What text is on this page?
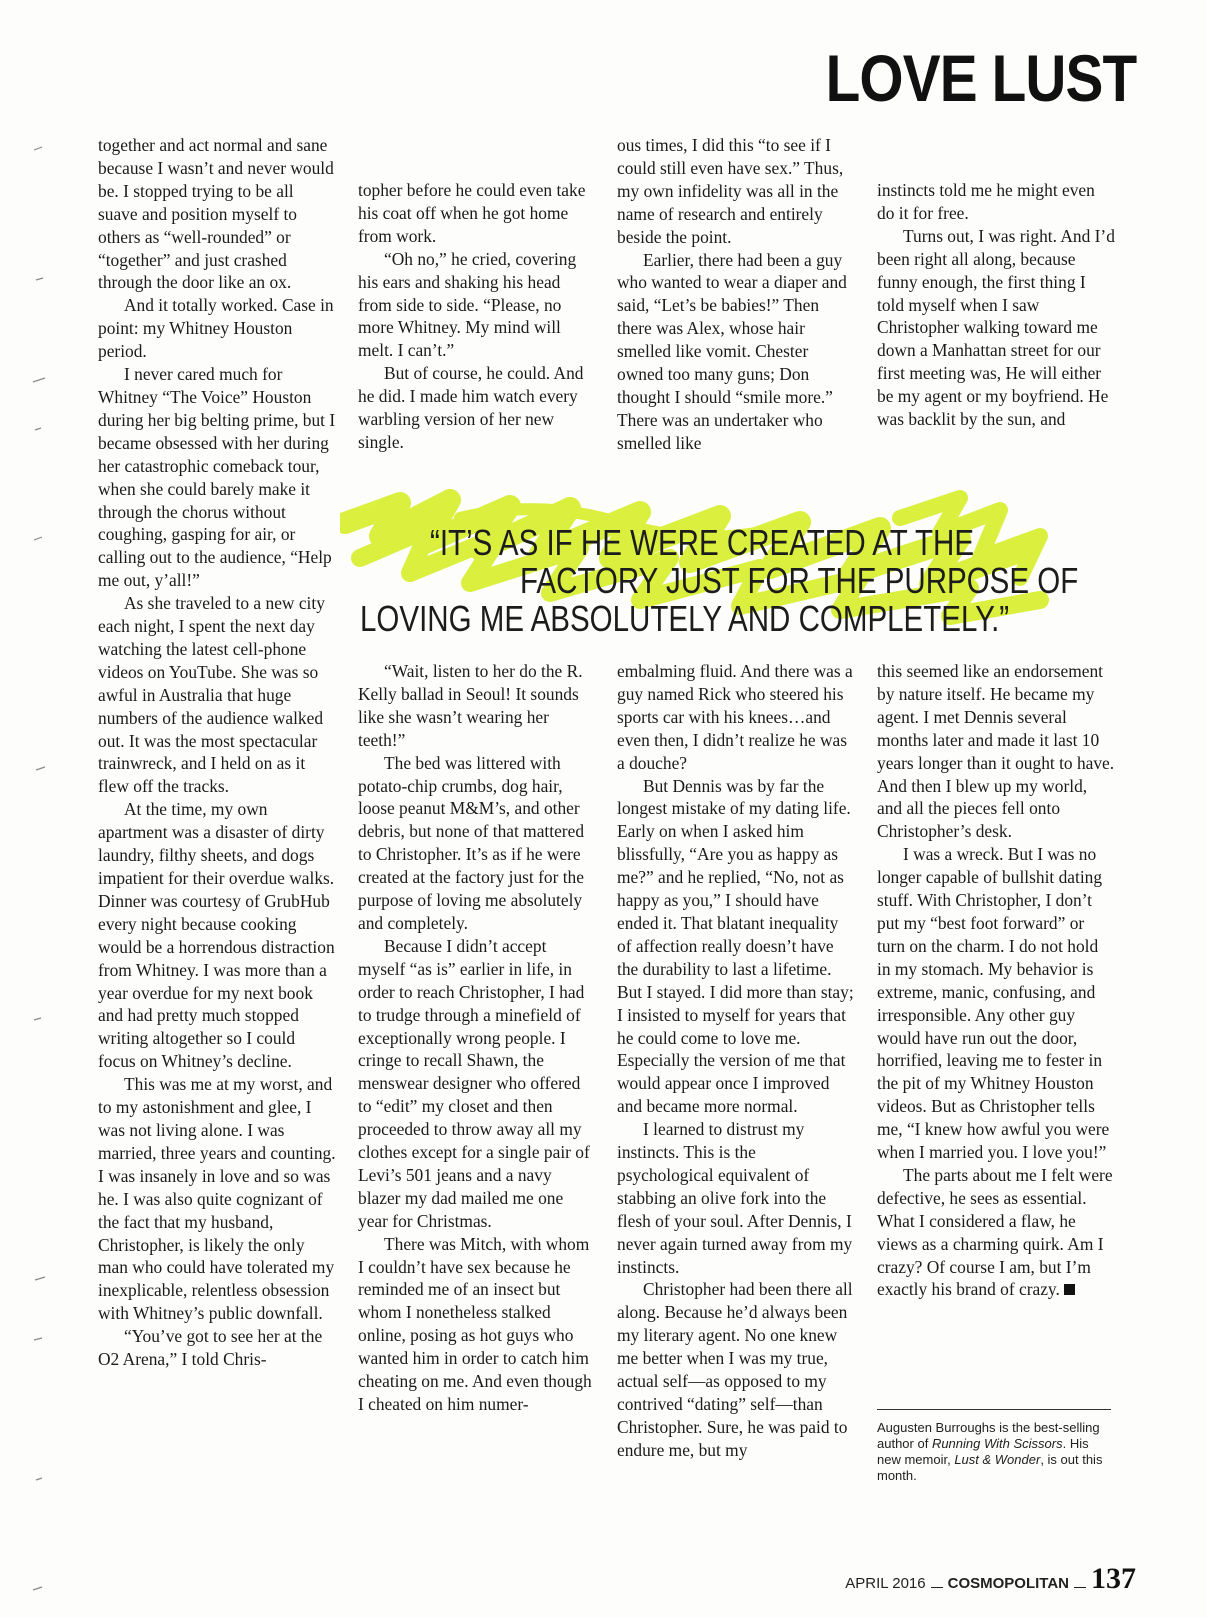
LOVE LUST

together and act normal and sane because I wasn’t and never would be. I stopped trying to be all suave and position myself to others as “well-rounded” or “together” and just crashed through the door like an ox.

And it totally worked. Case in point: my Whitney Houston period.

I never cared much for Whitney “The Voice” Houston during her big belting prime, but I became obsessed with her during her catastrophic comeback tour, when she could barely make it through the chorus without coughing, gasping for air, or calling out to the audience, “Help me out, y’all!”

As she traveled to a new city each night, I spent the next day watching the latest cell-phone videos on YouTube. She was so awful in Australia that huge numbers of the audience walked out. It was the most spectacular trainwreck, and I held on as it flew off the tracks.

At the time, my own apartment was a disaster of dirty laundry, filthy sheets, and dogs impatient for their overdue walks. Dinner was courtesy of GrubHub every night because cooking would be a horrendous distraction from Whitney. I was more than a year overdue for my next book and had pretty much stopped writing altogether so I could focus on Whitney’s decline.

This was me at my worst, and to my astonishment and glee, I was not living alone. I was married, three years and counting. I was insanely in love and so was he. I was also quite cognizant of the fact that my husband, Christopher, is likely the only man who could have tolerated my inexplicable, relentless obsession with Whitney’s public downfall.

“You’ve got to see her at the O2 Arena,” I told Chris-

topher before he could even take his coat off when he got home from work.

“Oh no,” he cried, covering his ears and shaking his head from side to side. “Please, no more Whitney. My mind will melt. I can’t.”

But of course, he could. And he did. I made him watch every warbling version of her new single.

ous times, I did this “to see if I could still even have sex.” Thus, my own infidelity was all in the name of research and entirely beside the point.

Earlier, there had been a guy who wanted to wear a diaper and said, “Let’s be babies!” Then there was Alex, whose hair smelled like vomit. Chester owned too many guns; Don thought I should “smile more.” There was an undertaker who smelled like

instincts told me he might even do it for free.

Turns out, I was right. And I’d been right all along, because funny enough, the first thing I told myself when I saw Christopher walking toward me down a Manhattan street for our first meeting was, He will either be my agent or my boyfriend. He was backlit by the sun, and

“IT’S AS IF HE WERE CREATED AT THE
FACTORY JUST FOR THE PURPOSE OF
LOVING ME ABSOLUTELY AND COMPLETELY.”

“Wait, listen to her do the R. Kelly ballad in Seoul! It sounds like she wasn’t wearing her teeth!”

The bed was littered with potato-chip crumbs, dog hair, loose peanut M&M’s, and other debris, but none of that mattered to Christopher. It’s as if he were created at the factory just for the purpose of loving me absolutely and completely.

Because I didn’t accept myself “as is” earlier in life, in order to reach Christopher, I had to trudge through a minefield of exceptionally wrong people. I cringe to recall Shawn, the menswear designer who offered to “edit” my closet and then proceeded to throw away all my clothes except for a single pair of Levi’s 501 jeans and a navy blazer my dad mailed me one year for Christmas.

There was Mitch, with whom I couldn’t have sex because he reminded me of an insect but whom I nonetheless stalked online, posing as hot guys who wanted him in order to catch him cheating on me. And even though I cheated on him numer-

embalming fluid. And there was a guy named Rick who steered his sports car with his knees…and even then, I didn’t realize he was a douche?

But Dennis was by far the longest mistake of my dating life. Early on when I asked him blissfully, “Are you as happy as me?” and he replied, “No, not as happy as you,” I should have ended it. That blatant inequality of affection really doesn’t have the durability to last a lifetime. But I stayed. I did more than stay; I insisted to myself for years that he could come to love me. Especially the version of me that would appear once I improved and became more normal.

I learned to distrust my instincts. This is the psychological equivalent of stabbing an olive fork into the flesh of your soul. After Dennis, I never again turned away from my instincts.

Christopher had been there all along. Because he’d always been my literary agent. No one knew me better when I was my true, actual self—as opposed to my contrived “dating” self—than Christopher. Sure, he was paid to endure me, but my

this seemed like an endorsement by nature itself. He became my agent. I met Dennis several months later and made it last 10 years longer than it ought to have. And then I blew up my world, and all the pieces fell onto Christopher’s desk.

I was a wreck. But I was no longer capable of bullshit dating stuff. With Christopher, I don’t put my “best foot forward” or turn on the charm. I do not hold in my stomach. My behavior is extreme, manic, confusing, and irresponsible. Any other guy would have run out the door, horrified, leaving me to fester in the pit of my Whitney Houston videos. But as Christopher tells me, “I knew how awful you were when I married you. I love you!”

The parts about me I felt were defective, he sees as essential. What I considered a flaw, he views as a charming quirk. Am I crazy? Of course I am, but I’m exactly his brand of crazy.

Augusten Burroughs is the best-selling author of Running With Scissors. His new memoir, Lust & Wonder, is out this month.
APRIL 2016 COSMOPOLITAN 137
